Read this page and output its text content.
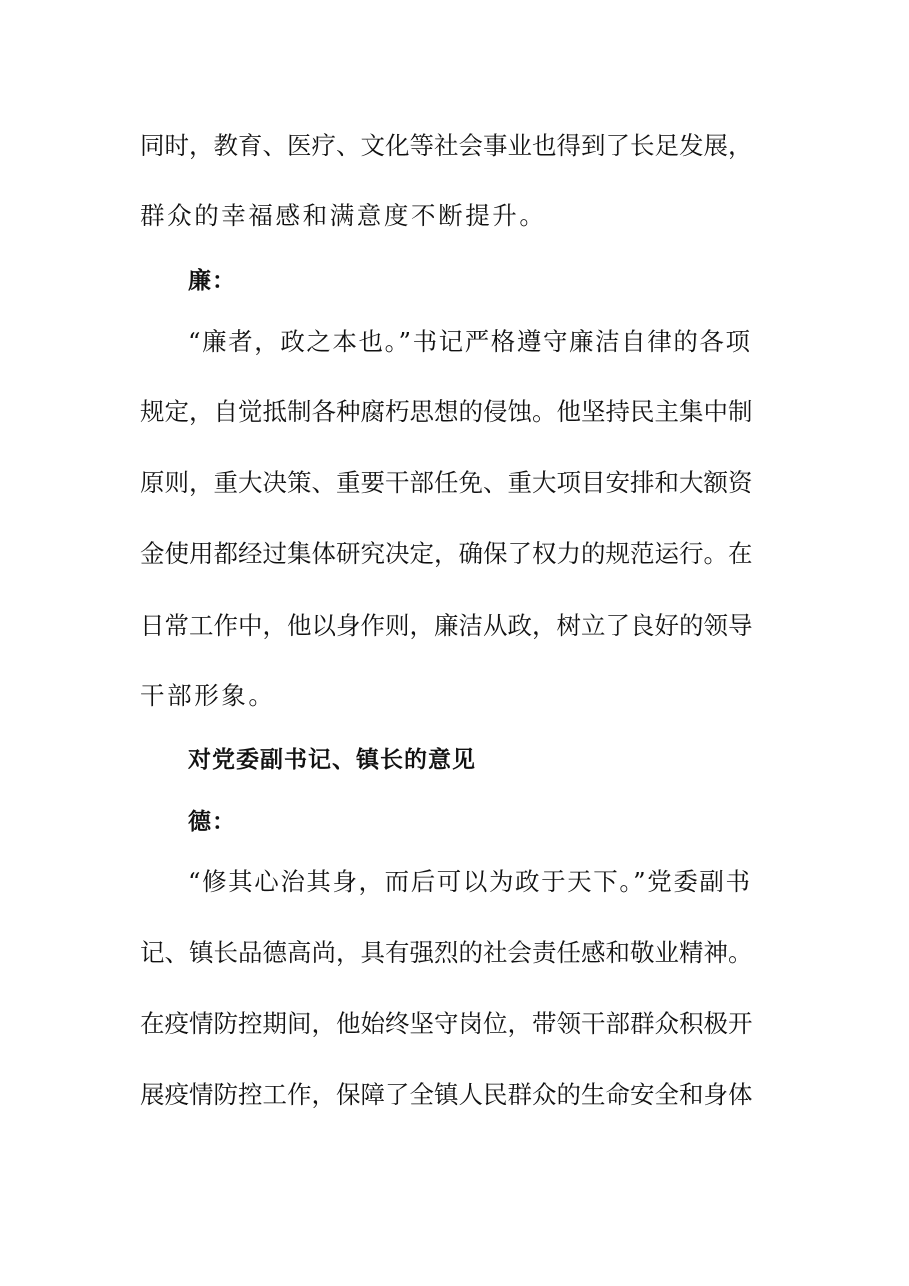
同时，教育、医疗、文化等社会事业也得到了长足发展，
群众的幸福感和满意度不断提升。
廉：
“廉者，政之本也。”书记严格遵守廉洁自律的各项
规定，自觉抵制各种腐朽思想的侵蚀。他坚持民主集中制
原则，重大决策、重要干部任免、重大项目安排和大额资
金使用都经过集体研究决定，确保了权力的规范运行。在
日常工作中，他以身作则，廉洁从政，树立了良好的领导
干部形象。
对党委副书记、镇长的意见
德：
“修其心治其身，而后可以为政于天下。”党委副书
记、镇长品德高尚，具有强烈的社会责任感和敬业精神。
在疫情防控期间，他始终坚守岗位，带领干部群众积极开
展疫情防控工作，保障了全镇人民群众的生命安全和身体
